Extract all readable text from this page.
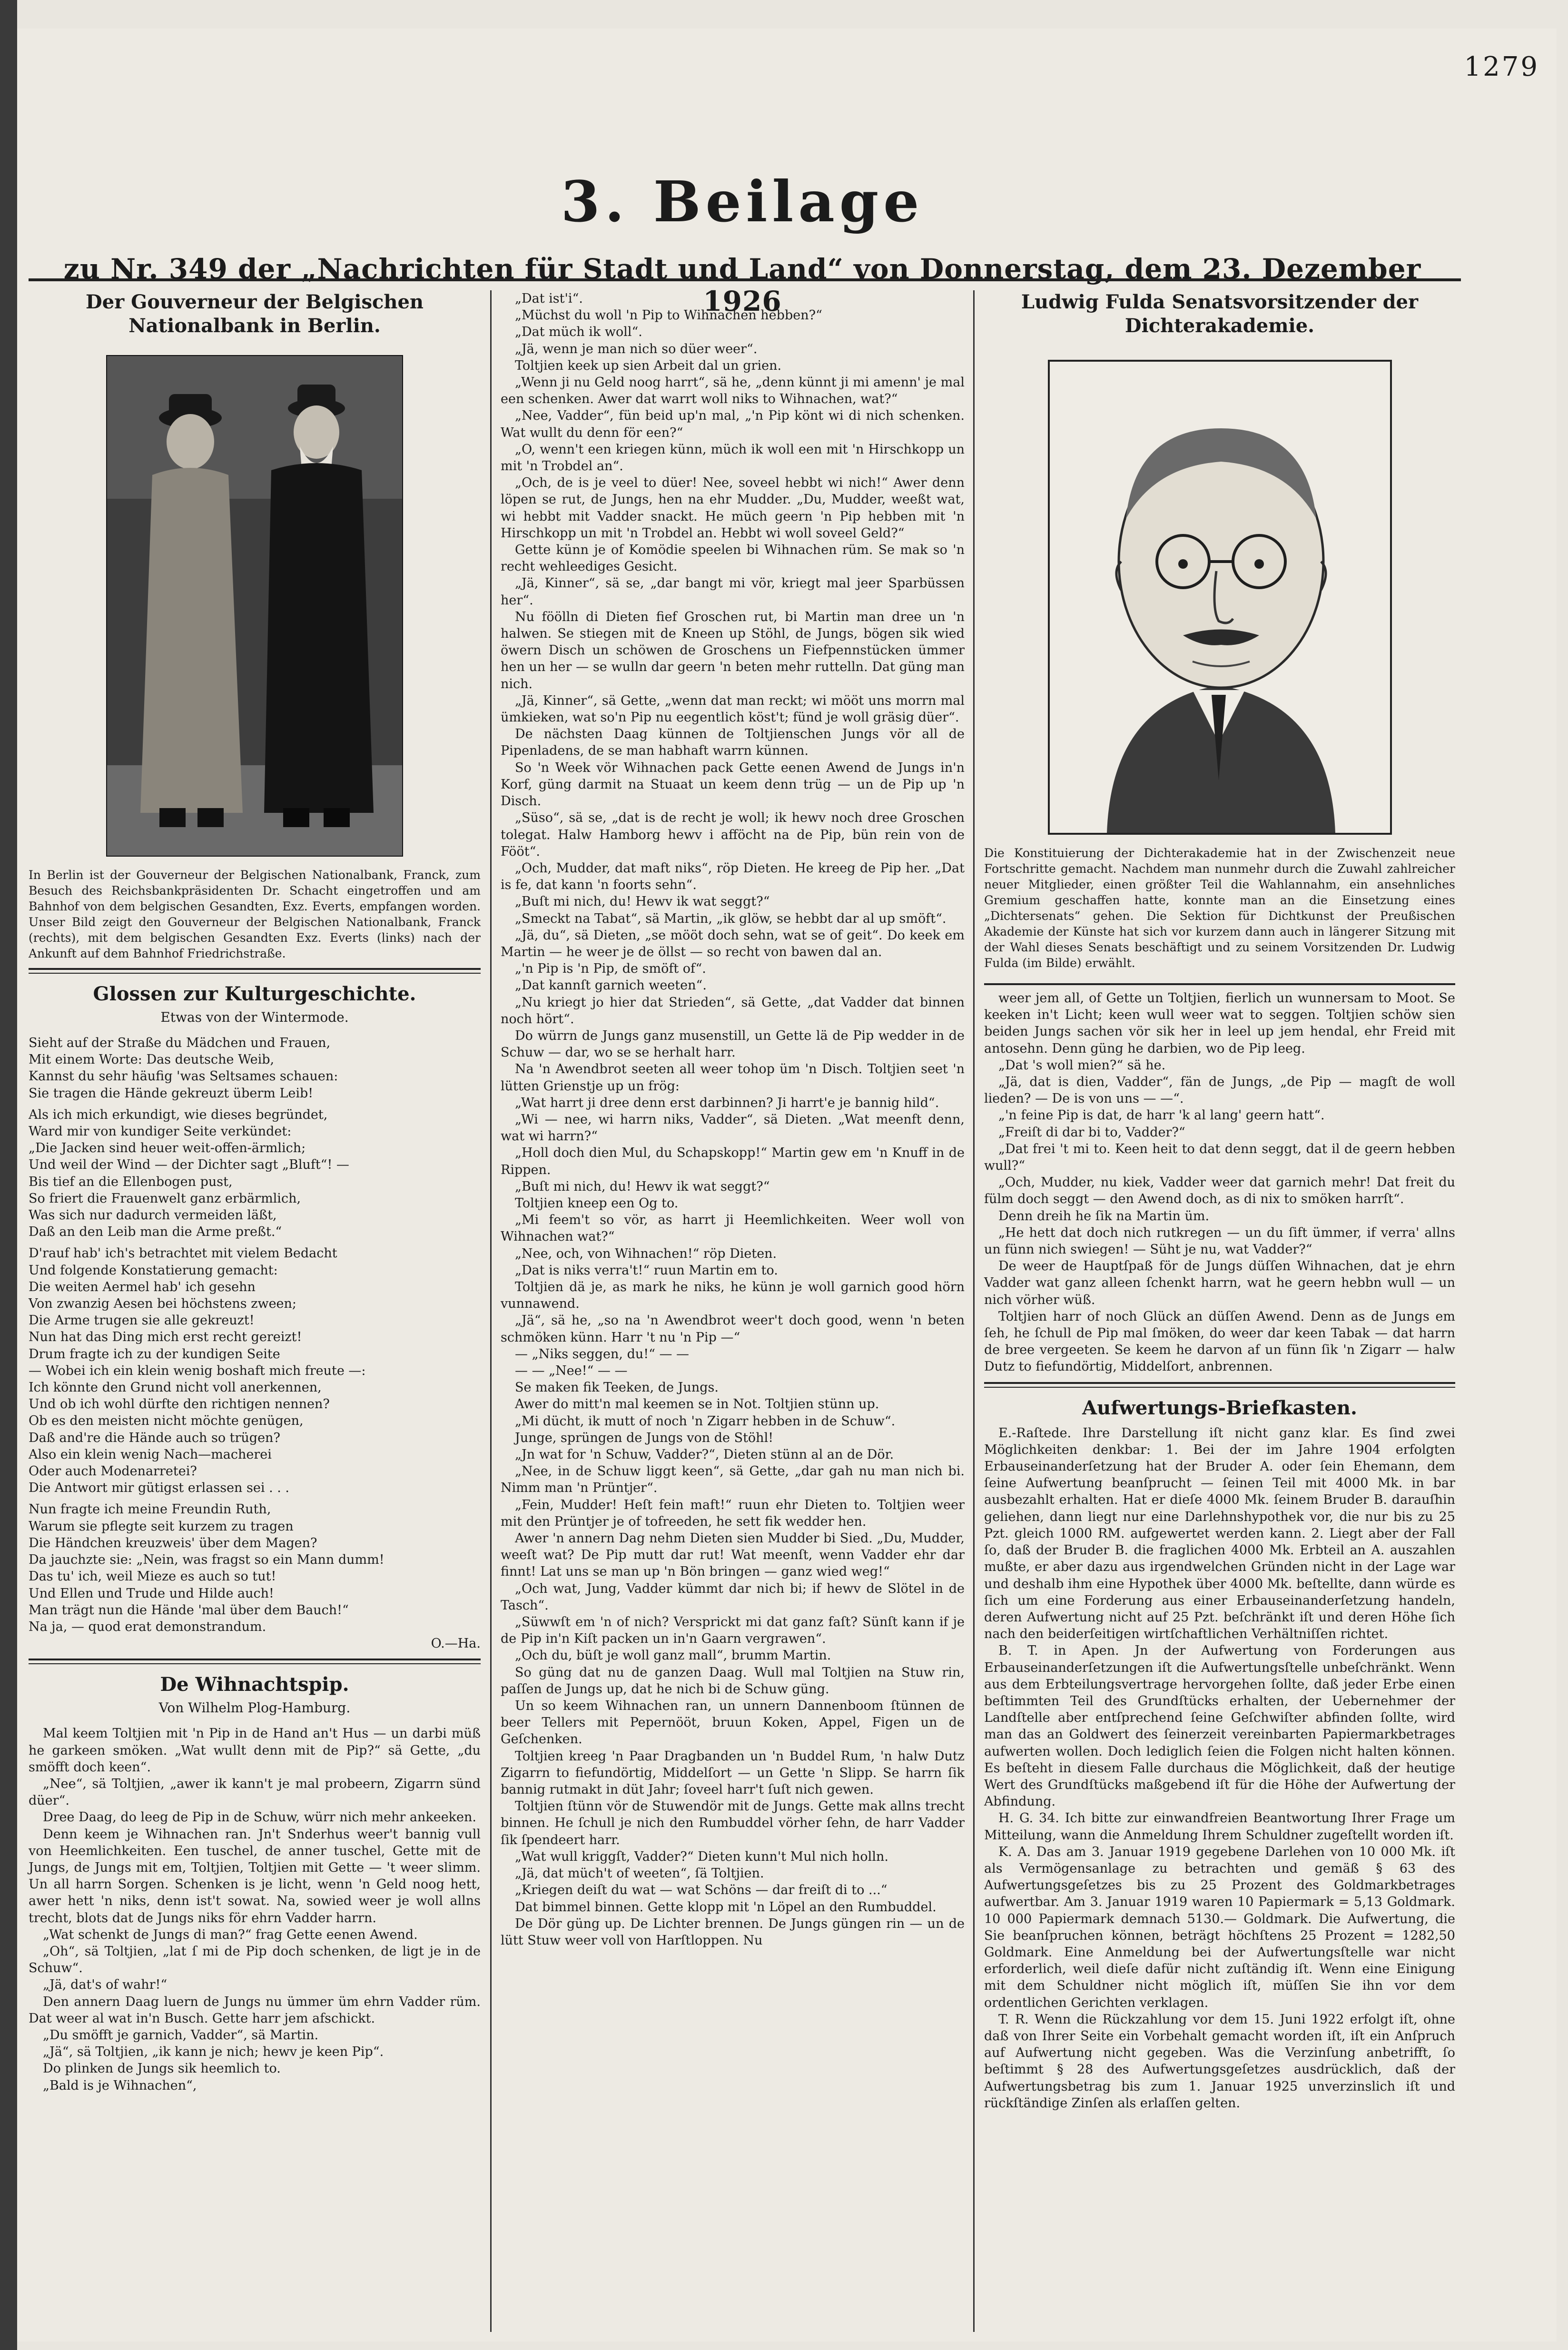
1279
3. Beilage
zu Nr. 349 der „Nachrichten für Stadt und Land“ von Donnerstag, dem 23. Dezember 1926
Der Gouverneur der Belgischen Nationalbank in Berlin.
In Berlin ist der Gouverneur der Belgischen Nationalbank, Franck, zum Besuch des Reichsbankpräsidenten Dr. Schacht eingetroffen und am Bahnhof von dem belgischen Gesandten, Exz. Everts, empfangen worden. Unser Bild zeigt den Gouverneur der Belgischen Nationalbank, Franck (rechts), mit dem belgischen Gesandten Exz. Everts (links) nach der Ankunft auf dem Bahnhof Friedrichstraße.
Glossen zur Kulturgeschichte.
Etwas von der Wintermode.

Sieht auf der Straße du Mädchen und Frauen,

Mit einem Worte: Das deutsche Weib,

Kannst du sehr häufig 'was Seltsames schauen:

Sie tragen die Hände gekreuzt überm Leib!

Als ich mich erkundigt, wie dieses begründet,

Ward mir von kundiger Seite verkündet:

„Die Jacken sind heuer weit-offen-ärmlich;

Und weil der Wind — der Dichter sagt „Bluft“! —

Bis tief an die Ellenbogen pust,

So friert die Frauenwelt ganz erbärmlich,

Was sich nur dadurch vermeiden läßt,

Daß an den Leib man die Arme preßt.“

D'rauf hab' ich's betrachtet mit vielem Bedacht

Und folgende Konstatierung gemacht:

Die weiten Aermel hab' ich gesehn

Von zwanzig Aesen bei höchstens zween;

Die Arme trugen sie alle gekreuzt!

Nun hat das Ding mich erst recht gereizt!

Drum fragte ich zu der kundigen Seite

— Wobei ich ein klein wenig boshaft mich freute —:

Ich könnte den Grund nicht voll anerkennen,

Und ob ich wohl dürfte den richtigen nennen?

Ob es den meisten nicht möchte genügen,

Daß and're die Hände auch so trügen?

Also ein klein wenig Nach—macherei

Oder auch Modenarretei?

Die Antwort mir gütigst erlassen sei . . .

Nun fragte ich meine Freundin Ruth,

Warum sie pflegte seit kurzem zu tragen

Die Händchen kreuzweis' über dem Magen?

Da jauchzte sie: „Nein, was fragst so ein Mann dumm!

Das tu' ich, weil Mieze es auch so tut!

Und Ellen und Trude und Hilde auch!

Man trägt nun die Hände 'mal über dem Bauch!“

Na ja, — quod erat demonstrandum.

O.—Ha.

De Wihnachtspip.
Von Wilhelm Plog-Hamburg.

Mal keem Toltjien mit 'n Pip in de Hand an't Hus — un darbi müß he garkeen smöken. „Wat wullt denn mit de Pip?“ sä Gette, „du smöfft doch keen“.

„Nee“, sä Toltjien, „awer ik kann't je mal probeern, Zigarrn sünd düer“.

Dree Daag, do leeg de Pip in de Schuw, würr nich mehr ankeeken.

Denn keem je Wihnachen ran. Jn't Snderhus weer't bannig vull von Heemlichkeiten. Een tuschel, de anner tuschel, Gette mit de Jungs, de Jungs mit em, Toltjien, Toltjien mit Gette — 't weer slimm. Un all harrn Sorgen. Schenken is je licht, wenn 'n Geld noog hett, awer hett 'n niks, denn ist't sowat. Na, sowied weer je woll allns trecht, blots dat de Jungs niks för ehrn Vadder harrn.

„Wat schenkt de Jungs di man?“ frag Gette eenen Awend.

„Oh“, sä Toltjien, „lat ſ mi de Pip doch schenken, de ligt je in de Schuw“.

„Jä, dat's of wahr!“

Den annern Daag luern de Jungs nu ümmer üm ehrn Vadder rüm. Dat weer al wat in'n Busch. Gette harr jem afschickt.

„Du smöfft je garnich, Vadder“, sä Martin.

„Jä“, sä Toltjien, „ik kann je nich; hewv je keen Pip“.

Do plinken de Jungs sik heemlich to.

„Bald is je Wihnachen“,

„Dat ist'i“.

„Müchst du woll 'n Pip to Wihnachen hebben?“

„Dat müch ik woll“.

„Jä, wenn je man nich so düer weer“.

Toltjien keek up sien Arbeit dal un grien.

„Wenn ji nu Geld noog harrt“, sä he, „denn künnt ji mi amenn' je mal een schenken. Awer dat warrt woll niks to Wihnachen, wat?“

„Nee, Vadder“, fün beid up'n mal, „'n Pip könt wi di nich schenken. Wat wullt du denn för een?“

„O, wenn't een kriegen künn, müch ik woll een mit 'n Hirschkopp un mit 'n Trobdel an“.

„Och, de is je veel to düer! Nee, soveel hebbt wi nich!“ Awer denn löpen se rut, de Jungs, hen na ehr Mudder. „Du, Mudder, weeßt wat, wi hebbt mit Vadder snackt. He müch geern 'n Pip hebben mit 'n Hirschkopp un mit 'n Trobdel an. Hebbt wi woll soveel Geld?“

Gette künn je of Komödie speelen bi Wihnachen rüm. Se mak so 'n recht wehleediges Gesicht.

„Jä, Kinner“, sä se, „dar bangt mi vör, kriegt mal jeer Sparbüssen her“.

Nu föölln di Dieten fief Groschen rut, bi Martin man dree un 'n halwen. Se stiegen mit de Kneen up Stöhl, de Jungs, bögen sik wied öwern Disch un schöwen de Groschens un Fiefpennstücken ümmer hen un her — se wulln dar geern 'n beten mehr ruttelln. Dat güng man nich.

„Jä, Kinner“, sä Gette, „wenn dat man reckt; wi mööt uns morrn mal ümkieken, wat so'n Pip nu eegentlich köst't; fünd je woll gräsig düer“.

De nächsten Daag künnen de Toltjienschen Jungs vör all de Pipenladens, de se man habhaft warrn künnen.

So 'n Week vör Wihnachen pack Gette eenen Awend de Jungs in'n Korf, güng darmit na Stuaat un keem denn trüg — un de Pip up 'n Disch.

„Süso“, sä se, „dat is de recht je woll; ik hewv noch dree Groschen tolegat. Halw Hamborg hewv i afföcht na de Pip, bün rein von de Fööt“.

„Och, Mudder, dat maft niks“, röp Dieten. He kreeg de Pip her. „Dat is fe, dat kann 'n foorts sehn“.

„Buſt mi nich, du! Hewv ik wat seggt?“

„Smeckt na Tabat“, sä Martin, „ik glöw, se hebbt dar al up smöft“.

„Jä, du“, sä Dieten, „se mööt doch sehn, wat se of geit“. Do keek em Martin — he weer je de öllst — so recht von bawen dal an.

„'n Pip is 'n Pip, de smöft of“.

„Dat kannſt garnich weeten“.

„Nu kriegt jo hier dat Strieden“, sä Gette, „dat Vadder dat binnen noch hört“.

Do würrn de Jungs ganz musenstill, un Gette lä de Pip wedder in de Schuw — dar, wo se se herhalt harr.

Na 'n Awendbrot seeten all weer tohop üm 'n Disch. Toltjien seet 'n lütten Grienstje up un frög:

„Wat harrt ji dree denn erst darbinnen? Ji harrt'e je bannig hild“.

„Wi — nee, wi harrn niks, Vadder“, sä Dieten. „Wat meenft denn, wat wi harrn?“

„Holl doch dien Mul, du Schapskopp!“ Martin gew em 'n Knuff in de Rippen.

„Buſt mi nich, du! Hewv ik wat seggt?“

Toltjien kneep een Og to.

„Mi feem't so vör, as harrt ji Heemlichkeiten. Weer woll von Wihnachen wat?“

„Nee, och, von Wihnachen!“ röp Dieten.

„Dat is niks verra't!“ ruun Martin em to.

Toltjien dä je, as mark he niks, he künn je woll garnich good hörn vunnawend.

„Jä“, sä he, „so na 'n Awendbrot weer't doch good, wenn 'n beten schmöken künn. Harr 't nu 'n Pip —“

— „Niks seggen, du!“ — —

— — „Nee!“ — —

Se maken fik Teeken, de Jungs.

Awer do mitt'n mal keemen se in Not. Toltjien stünn up.

„Mi dücht, ik mutt of noch 'n Zigarr hebben in de Schuw“.

Junge, sprüngen de Jungs von de Stöhl!

„Jn wat for 'n Schuw, Vadder?“, Dieten stünn al an de Dör.

„Nee, in de Schuw liggt keen“, sä Gette, „dar gah nu man nich bi. Nimm man 'n Prüntjer“.

„Fein, Mudder! Heſt fein maft!“ ruun ehr Dieten to. Toltjien weer mit den Prüntjer je of tofreeden, he sett fik wedder hen.

Awer 'n annern Dag nehm Dieten sien Mudder bi Sied. „Du, Mudder, weeſt wat? De Pip mutt dar rut! Wat meenſt, wenn Vadder ehr dar finnt! Lat uns se man up 'n Bön bringen — ganz wied weg!“

„Och wat, Jung, Vadder kümmt dar nich bi; if hewv de Slötel in de Tasch“.

„Süwwſt em 'n of nich? Versprickt mi dat ganz faſt? Sünſt kann if je de Pip in'n Kiſt packen un in'n Gaarn vergrawen“.

„Och du, büſt je woll ganz mall“, brumm Martin.

So güng dat nu de ganzen Daag. Wull mal Toltjien na Stuw rin, paſſen de Jungs up, dat he nich bi de Schuw güng.

Un so keem Wihnachen ran, un unnern Dannenboom ſtünnen de beer Tellers mit Pepernööt, bruun Koken, Appel, Figen un de Geſchenken.

Toltjien kreeg 'n Paar Dragbanden un 'n Buddel Rum, 'n halw Dutz Zigarrn to fiefundörtig, Middelſort — un Gette 'n Slipp. Se harrn ſik bannig rutmakt in düt Jahr; ſoveel harr't ſuſt nich gewen.

Toltjien ſtünn vör de Stuwendör mit de Jungs. Gette mak allns trecht binnen. He ſchull je nich den Rumbuddel vörher ſehn, de harr Vadder ſik ſpendeert harr.

„Wat wull kriggſt, Vadder?“ Dieten kunn't Mul nich holln.

„Jä, dat müch't of weeten“, ſä Toltjien.

„Kriegen deiſt du wat — wat Schöns — dar freiſt di to ...“

Dat bimmel binnen. Gette klopp mit 'n Löpel an den Rumbuddel.

De Dör güng up. De Lichter brennen. De Jungs güngen rin — un de lütt Stuw weer voll von Harſtloppen. Nu

Ludwig Fulda Senatsvorsitzender der Dichterakademie.
Die Konstituierung der Dichterakademie hat in der Zwischenzeit neue Fortschritte gemacht. Nachdem man nunmehr durch die Zuwahl zahlreicher neuer Mitglieder, einen größter Teil die Wahlannahm, ein ansehnliches Gremium geschaffen hatte, konnte man an die Einsetzung eines „Dichtersenats“ gehen. Die Sektion für Dichtkunst der Preußischen Akademie der Künste hat sich vor kurzem dann auch in längerer Sitzung mit der Wahl dieses Senats beschäftigt und zu seinem Vorsitzenden Dr. Ludwig Fulda (im Bilde) erwählt.

weer jem all, of Gette un Toltjien, fierlich un wunnersam to Moot. Se keeken in't Licht; keen wull weer wat to seggen. Toltjien schöw sien beiden Jungs sachen vör sik her in leel up jem hendal, ehr Freid mit antosehn. Denn güng he darbien, wo de Pip leeg.

„Dat 's woll mien?“ sä he.

„Jä, dat is dien, Vadder“, fän de Jungs, „de Pip — magſt de woll lieden? — De is von uns — —“.

„'n feine Pip is dat, de harr 'k al lang' geern hatt“.

„Freiſt di dar bi to, Vadder?“

„Dat frei 't mi to. Keen heit to dat denn seggt, dat il de geern hebben wull?“

„Och, Mudder, nu kiek, Vadder weer dat garnich mehr! Dat freit du fülm doch seggt — den Awend doch, as di nix to smöken harrſt“.

Denn dreih he ſik na Martin üm.

„He hett dat doch nich rutkregen — un du ſift ümmer, if verra' allns un fünn nich swiegen! — Süht je nu, wat Vadder?“

De weer de Hauptſpaß för de Jungs düſſen Wihnachen, dat je ehrn Vadder wat ganz alleen ſchenkt harrn, wat he geern hebbn wull — un nich vörher wüß.

Toltjien harr of noch Glück an düſſen Awend. Denn as de Jungs em ſeh, he ſchull de Pip mal ſmöken, do weer dar keen Tabak — dat harrn de bree vergeeten. Se keem he darvon af un fünn ſik 'n Zigarr — halw Dutz to fiefundörtig, Middelſort, anbrennen.

Aufwertungs-Briefkasten.

E.-Raſtede. Ihre Darstellung iſt nicht ganz klar. Es ſind zwei Möglichkeiten denkbar: 1. Bei der im Jahre 1904 erfolgten Erbauseinanderſetzung hat der Bruder A. oder ſein Ehemann, dem ſeine Aufwertung beanſprucht — ſeinen Teil mit 4000 Mk. in bar ausbezahlt erhalten. Hat er dieſe 4000 Mk. ſeinem Bruder B. darauſhin geliehen, dann liegt nur eine Darlehnshypothek vor, die nur bis zu 25 Pzt. gleich 1000 RM. aufgewertet werden kann. 2. Liegt aber der Fall ſo, daß der Bruder B. die fraglichen 4000 Mk. Erbteil an A. auszahlen mußte, er aber dazu aus irgendwelchen Gründen nicht in der Lage war und deshalb ihm eine Hypothek über 4000 Mk. beſtellte, dann würde es ſich um eine Forderung aus einer Erbauseinanderſetzung handeln, deren Aufwertung nicht auf 25 Pzt. beſchränkt iſt und deren Höhe ſich nach den beiderſeitigen wirtſchaftlichen Verhältniſſen richtet.

B. T. in Apen. Jn der Aufwertung von Forderungen aus Erbauseinanderſetzungen iſt die Aufwertungsſtelle unbeſchränkt. Wenn aus dem Erbteilungsvertrage hervorgehen ſollte, daß jeder Erbe einen beſtimmten Teil des Grundſtücks erhalten, der Uebernehmer der Landſtelle aber entſprechend ſeine Geſchwiſter abfinden ſollte, wird man das an Goldwert des ſeinerzeit vereinbarten Papiermarkbetrages aufwerten wollen. Doch lediglich ſeien die Folgen nicht halten können. Es beſteht in diesem Falle durchaus die Möglichkeit, daß der heutige Wert des Grundſtücks maßgebend iſt für die Höhe der Aufwertung der Abfindung.

H. G. 34. Ich bitte zur einwandfreien Beantwortung Ihrer Frage um Mitteilung, wann die Anmeldung Ihrem Schuldner zugeſtellt worden iſt.

K. A. Das am 3. Januar 1919 gegebene Darlehen von 10 000 Mk. iſt als Vermögensanlage zu betrachten und gemäß § 63 des Aufwertungsgeſetzes bis zu 25 Prozent des Goldmarkbetrages aufwertbar. Am 3. Januar 1919 waren 10 Papiermark = 5,13 Goldmark. 10 000 Papiermark demnach 5130.— Goldmark. Die Aufwertung, die Sie beanſpruchen können, beträgt höchſtens 25 Prozent = 1282,50 Goldmark. Eine Anmeldung bei der Aufwertungsſtelle war nicht erforderlich, weil dieſe dafür nicht zuſtändig iſt. Wenn eine Einigung mit dem Schuldner nicht möglich iſt, müſſen Sie ihn vor dem ordentlichen Gerichten verklagen.

T. R. Wenn die Rückzahlung vor dem 15. Juni 1922 erfolgt iſt, ohne daß von Ihrer Seite ein Vorbehalt gemacht worden iſt, iſt ein Anſpruch auf Aufwertung nicht gegeben. Was die Verzinſung anbetrifft, ſo beſtimmt § 28 des Aufwertungsgeſetzes ausdrücklich, daß der Aufwertungsbetrag bis zum 1. Januar 1925 unverzinslich iſt und rückſtändige Zinſen als erlaſſen gelten.
